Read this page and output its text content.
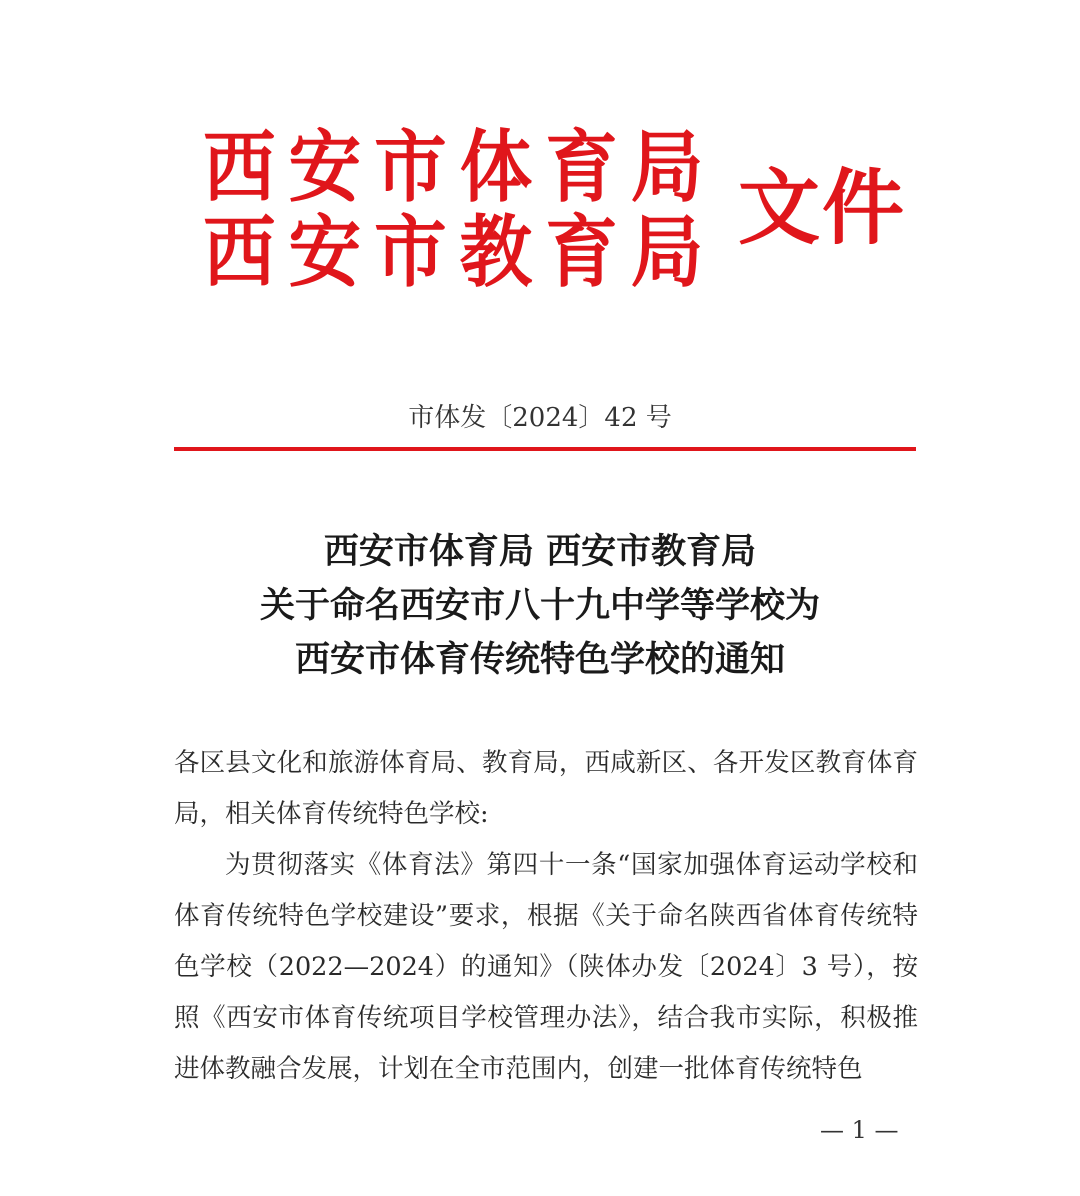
西安市体育局
西安市教育局 文件
市体发〔2024〕42 号
西安市体育局 西安市教育局
关于命名西安市八十九中学等学校为
西安市体育传统特色学校的通知

各区县文化和旅游体育局、教育局，西咸新区、各开发区教育体育局，相关体育传统特色学校:

为贯彻落实《体育法》第四十一条“国家加强体育运动学校和体育传统特色学校建设”要求，根据《关于命名陕西省体育传统特色学校（2022—2024）的通知》（陕体办发〔2024〕3 号），按照《西安市体育传统项目学校管理办法》，结合我市实际，积极推进体教融合发展，计划在全市范围内，创建一批体育传统特色

— 1 —
